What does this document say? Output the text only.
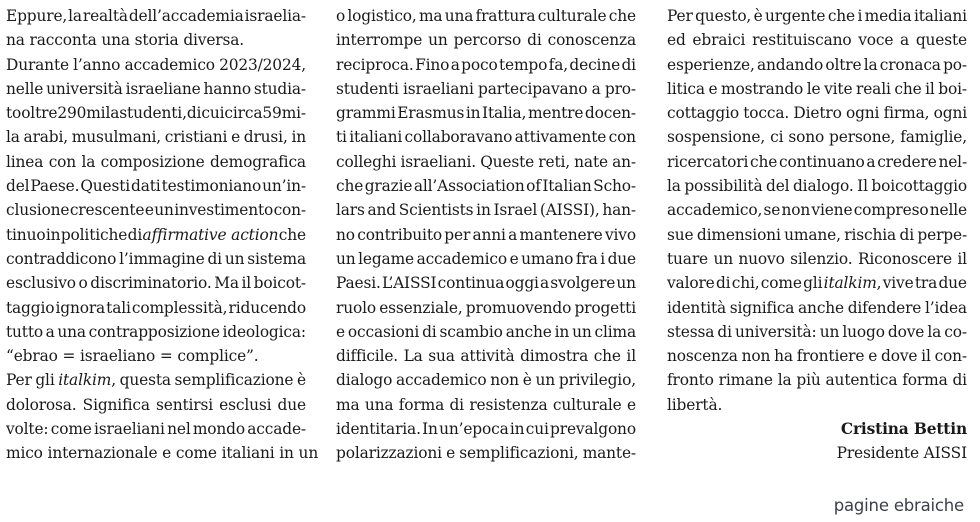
Eppure, la realtà dell’accademia israelia-
na racconta una storia diversa.
Durante l’anno accademico 2023/2024,
nelle università israeliane hanno studia-
to oltre 290mila studenti, di cui circa 59mi-
la arabi, musulmani, cristiani e drusi, in
linea con la composizione demografica
del Paese. Questi dati testimoniano un’in-
clusione crescente e un investimento con-
tinuo in politiche di affirmative action che
contraddicono l’immagine di un sistema
esclusivo o discriminatorio. Ma il boicot-
taggio ignora tali complessità, riducendo
tutto a una contrapposizione ideologica:
“ebrao = israeliano = complice”.
Per gli italkim, questa semplificazione è
dolorosa. Significa sentirsi esclusi due
volte: come israeliani nel mondo accade-
mico internazionale e come italiani in un
o logistico, ma una frattura culturale che
interrompe un percorso di conoscenza
reciproca. Fino a poco tempo fa, decine di
studenti israeliani partecipavano a pro-
grammi Erasmus in Italia, mentre docen-
ti italiani collaboravano attivamente con
colleghi israeliani. Queste reti, nate an-
che grazie all’Association of Italian Scho-
lars and Scientists in Israel (AISSI), han-
no contribuito per anni a mantenere vivo
un legame accademico e umano fra i due
Paesi. L’AISSI continua oggi a svolgere un
ruolo essenziale, promuovendo progetti
e occasioni di scambio anche in un clima
difficile. La sua attività dimostra che il
dialogo accademico non è un privilegio,
ma una forma di resistenza culturale e
identitaria. In un’epoca in cui prevalgono
polarizzazioni e semplificazioni, mante-
Per questo, è urgente che i media italiani
ed ebraici restituiscano voce a queste
esperienze, andando oltre la cronaca po-
litica e mostrando le vite reali che il boi-
cottaggio tocca. Dietro ogni firma, ogni
sospensione, ci sono persone, famiglie,
ricercatori che continuano a credere nel-
la possibilità del dialogo. Il boicottaggio
accademico, se non viene compreso nelle
sue dimensioni umane, rischia di perpe-
tuare un nuovo silenzio. Riconoscere il
valore di chi, come gli italkim, vive tra due
identità significa anche difendere l’idea
stessa di università: un luogo dove la co-
noscenza non ha frontiere e dove il con-
fronto rimane la più autentica forma di
libertà.
Cristina Bettin
Presidente AISSI
pagine ebraiche
